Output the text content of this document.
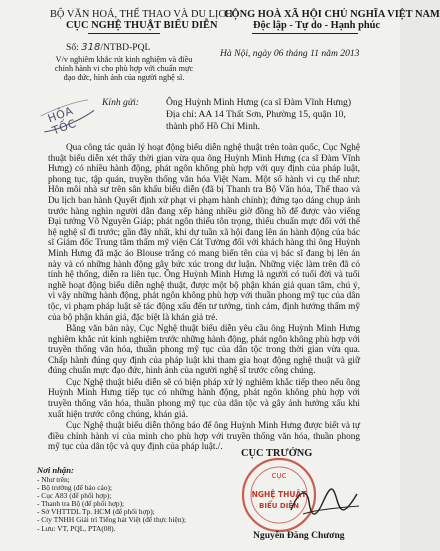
BỘ VĂN HOÁ, THỂ THAO VÀ DU LỊCH
CỤC NGHỆ THUẬT BIỂU DIỄN
CỘNG HOÀ XÃ HỘI CHỦ NGHĨA VIỆT NAM
Độc lập - Tự do - Hạnh phúc
Số: 318/NTBD-PQL
Hà Nội, ngày 06 tháng 11 năm 2013
V/v nghiêm khắc rút kinh nghiệm và điều
chỉnh hành vi cho phù hợp với chuẩn mực
đạo đức, hình ảnh của người nghệ sĩ.
HỎA TỐC
Kính gửi:	Ông Huỳnh Minh Hưng (ca sĩ Đàm Vĩnh Hưng)
Địa chỉ: AA 14 Thất Sơn, Phường 15, quận 10,
thành phố Hồ Chí Minh.

Qua công tác quản lý hoạt động biểu diễn nghệ thuật trên toàn quốc, Cục Nghệ thuật biểu diễn xét thấy thời gian vừa qua ông Huỳnh Minh Hưng (ca sĩ Đàm Vĩnh Hưng) có nhiều hành động, phát ngôn không phù hợp với quy định của pháp luật, phong tục, tập quán, truyền thống văn hóa Việt Nam. Một số hành vi cụ thể như: Hôn môi nhà sư trên sân khấu biểu diễn (đã bị Thanh tra Bộ Văn hóa, Thể thao và Du lịch ban hành Quyết định xử phạt vi phạm hành chính); đứng tạo dáng chụp ảnh trước hàng nghìn người dân đang xếp hàng nhiều giờ đồng hồ để được vào viếng Đại tướng Võ Nguyên Giáp; phát ngôn thiếu tôn trọng, thiếu chuẩn mực đối với thế hệ nghệ sĩ đi trước; gần đây nhất, khi dự tuần xã hội đang lên án hành động của bác sĩ Giám đốc Trung tâm thẩm mỹ viện Cát Tường đối với khách hàng thì ông Huỳnh Minh Hưng đã mặc áo Blouse trắng có mang biển tên của vị bác sĩ đang bị lên án này và có những hành động gây bức xúc trong dư luận. Những việc làm trên đã có tính hệ thống, diễn ra liên tục. Ông Huỳnh Minh Hưng là người có tuổi đời và tuổi nghề hoạt động biểu diễn nghệ thuật, được một bộ phận khán giả quan tâm, chú ý, vì vậy những hành động, phát ngôn không phù hợp với thuần phong mỹ tục của dân tộc, vi phạm pháp luật sẽ tác động xấu đến tư tưởng, tình cảm, định hướng thẩm mỹ của bộ phận khán giả, đặc biệt là khán giả trẻ.

Bằng văn bản này, Cục Nghệ thuật biểu diễn yêu cầu ông Huỳnh Minh Hưng nghiêm khắc rút kinh nghiệm trước những hành động, phát ngôn không phù hợp với truyền thống văn hóa, thuần phong mỹ tục của dân tộc trong thời gian vừa qua. Chấp hành đúng quy định của pháp luật khi tham gia hoạt động nghệ thuật và giữ đúng chuẩn mực đạo đức, hình ảnh của người nghệ sĩ trước công chúng.

Cục Nghệ thuật biểu diễn sẽ có biện pháp xử lý nghiêm khắc tiếp theo nếu ông Huỳnh Minh Hưng tiếp tục có những hành động, phát ngôn không phù hợp với truyền thống văn hóa, thuần phong mỹ tục của dân tộc và gây ảnh hưởng xấu khi xuất hiện trước công chúng, khán giả.

Cục Nghệ thuật biểu diễn thông báo để ông Huỳnh Minh Hưng được biết và tự điều chỉnh hành vi của mình cho phù hợp với truyền thống văn hóa, thuần phong mỹ tục của dân tộc và quy định của pháp luật./.

Nơi nhận:
- Như trên;
- Bộ trưởng (để báo cáo);
- Cục A83 (để phối hợp);
- Thanh tra Bộ (để phối hợp);
- Sở VHTTDL Tp. HCM (để phối hợp);
- Cty TNHH Giải trí Tiếng hát Việt (để thực hiện);
- Lưu: VT, PQL, PTA(08).
CỤC TRƯỞNG
CỤC
NGHỆ THUẬT
BIỂU DIỄN
Nguyễn Đăng Chương
